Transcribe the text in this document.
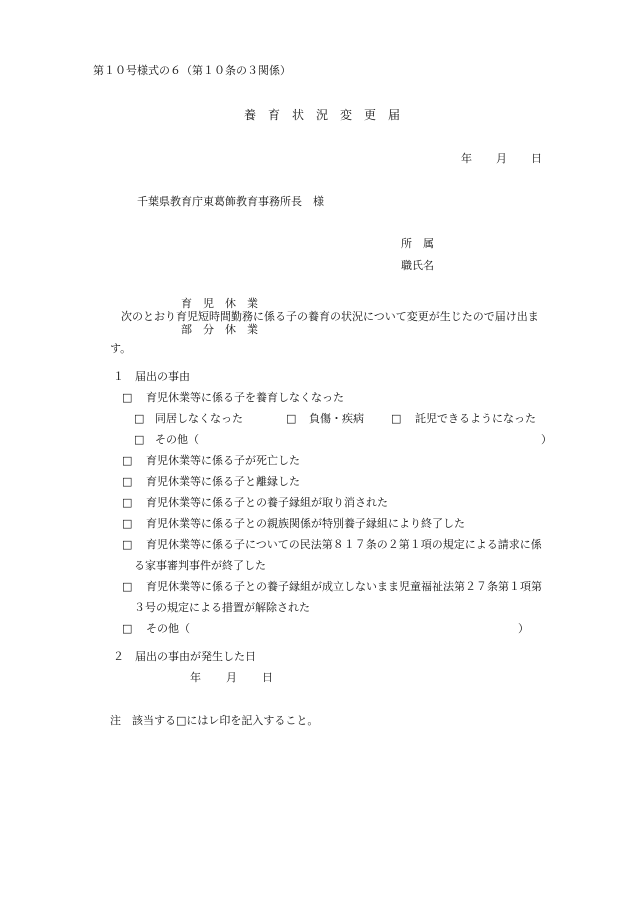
第１０号様式の６（第１０条の３関係）
養　育　状　況　変　更　届
年 月 日
千葉県教育庁東葛飾教育事務所長　様
所　属
職氏名
育　児　休　業
次のとおり育児短時間勤務に係る子の養育の状況について変更が生じたので届け出ま
部　分　休　業
す。
１　届出の事由
□ 育児休業等に係る子を養育しなくなった
□ 同居しなくなった	□ 負傷・疾病 □ 託児できるようになった
□ その他（	）
□ 育児休業等に係る子が死亡した
□ 育児休業等に係る子と離縁した
□ 育児休業等に係る子との養子縁組が取り消された
□ 育児休業等に係る子との親族関係が特別養子縁組により終了した
□ 育児休業等に係る子についての民法第８１７条の２第１項の規定による請求に係
る家事審判事件が終了した
□ 育児休業等に係る子との養子縁組が成立しないまま児童福祉法第２７条第１項第
３号の規定による措置が解除された
□ その他（	）
２　届出の事由が発生した日
年 月 日
注　該当する□にはレ印を記入すること。
